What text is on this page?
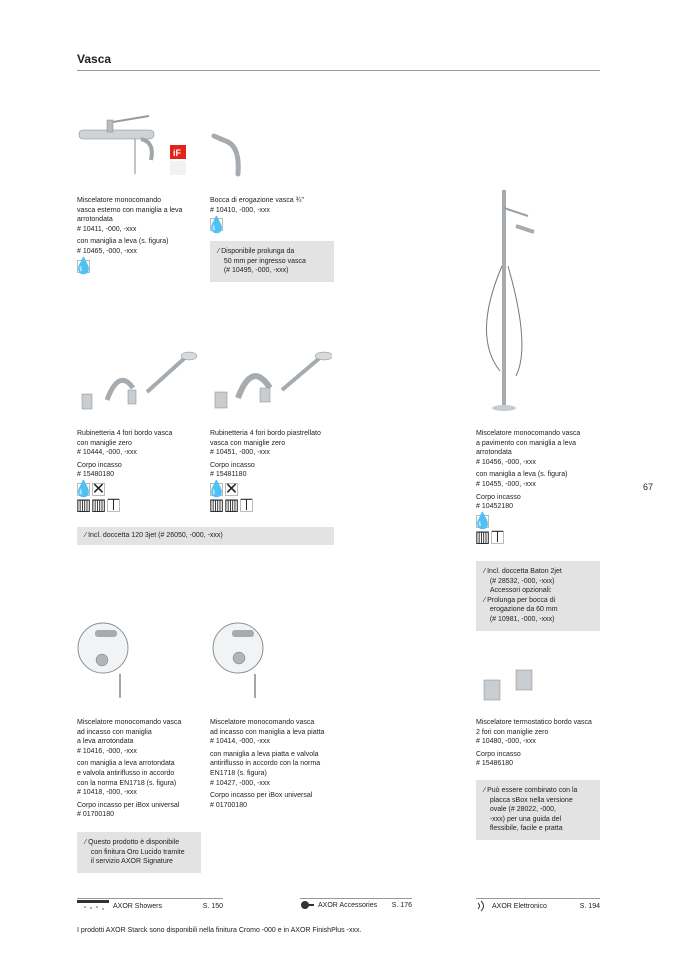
Vasca
67
iF

Miscelatore monocomando
vasca esterno con maniglia a leva
arrotondata
# 10411, -000, -xxx

con maniglia a leva (s. figura)
# 10465, -000, -xxx

💧

Bocca di erogazione vasca ¾"
# 10410, -000, -xxx

💧
⁄ Disponibile prolunga da
50 mm per ingresso vasca
(# 10495, -000, -xxx)

Rubinetteria 4 fori bordo vasca
con maniglie zero
# 10444, -000, -xxx

Corpo incasso
# 15480180

💧
✕
▥ ▥ ⊤

Rubinetteria 4 fori bordo piastrellato
vasca con maniglie zero
# 10451, -000, -xxx

Corpo incasso
# 15481180

💧
✕
▥ ▥ ⊤
⁄ Incl. doccetta 120 3jet (# 26050, -000, -xxx)

Miscelatore monocomando vasca
a pavimento con maniglia a leva
arrotondata
# 10456, -000, -xxx

con maniglia a leva (s. figura)
# 10455, -000, -xxx

Corpo incasso
# 10452180

💧
▥ ⊤
⁄ Incl. doccetta Baton 2jet
(# 28532, -000, -xxx)
Accessori opzionali:
⁄ Prolunga per bocca di
erogazione da 60 mm
(# 10981, -000, -xxx)

Miscelatore monocomando vasca
ad incasso con maniglia
a leva arrotondata
# 10416, -000, -xxx

con maniglia a leva arrotondata
e valvola antiriflusso in accordo
con la norma EN1718 (s. figura)
# 10418, -000, -xxx

Corpo incasso per iBox universal
# 01700180

⁄ Questo prodotto è disponibile
con finitura Oro Lucido tramite
il servizio AXOR Signature

Miscelatore monocomando vasca
ad incasso con maniglia a leva piatta
# 10414, -000, -xxx

con maniglia a leva piatta e valvola
antiriflusso in accordo con la norma
EN1718 (s. figura)
# 10427, -000, -xxx

Corpo incasso per iBox universal
# 01700180

Miscelatore termostatico bordo vasca
2 fori con maniglie zero
# 10480, -000, -xxx

Corpo incasso
# 15486180

⁄ Può essere combinato con la
placca sBox nella versione
ovale (# 28022, -000,
-xxx) per una guida del
flessibile, facile e pratta
AXOR Showers	S. 150	AXOR Accessories S. 176	AXOR Elettronico	S. 194
I prodotti AXOR Starck sono disponibili nella finitura Cromo -000 e in AXOR FinishPlus -xxx.
